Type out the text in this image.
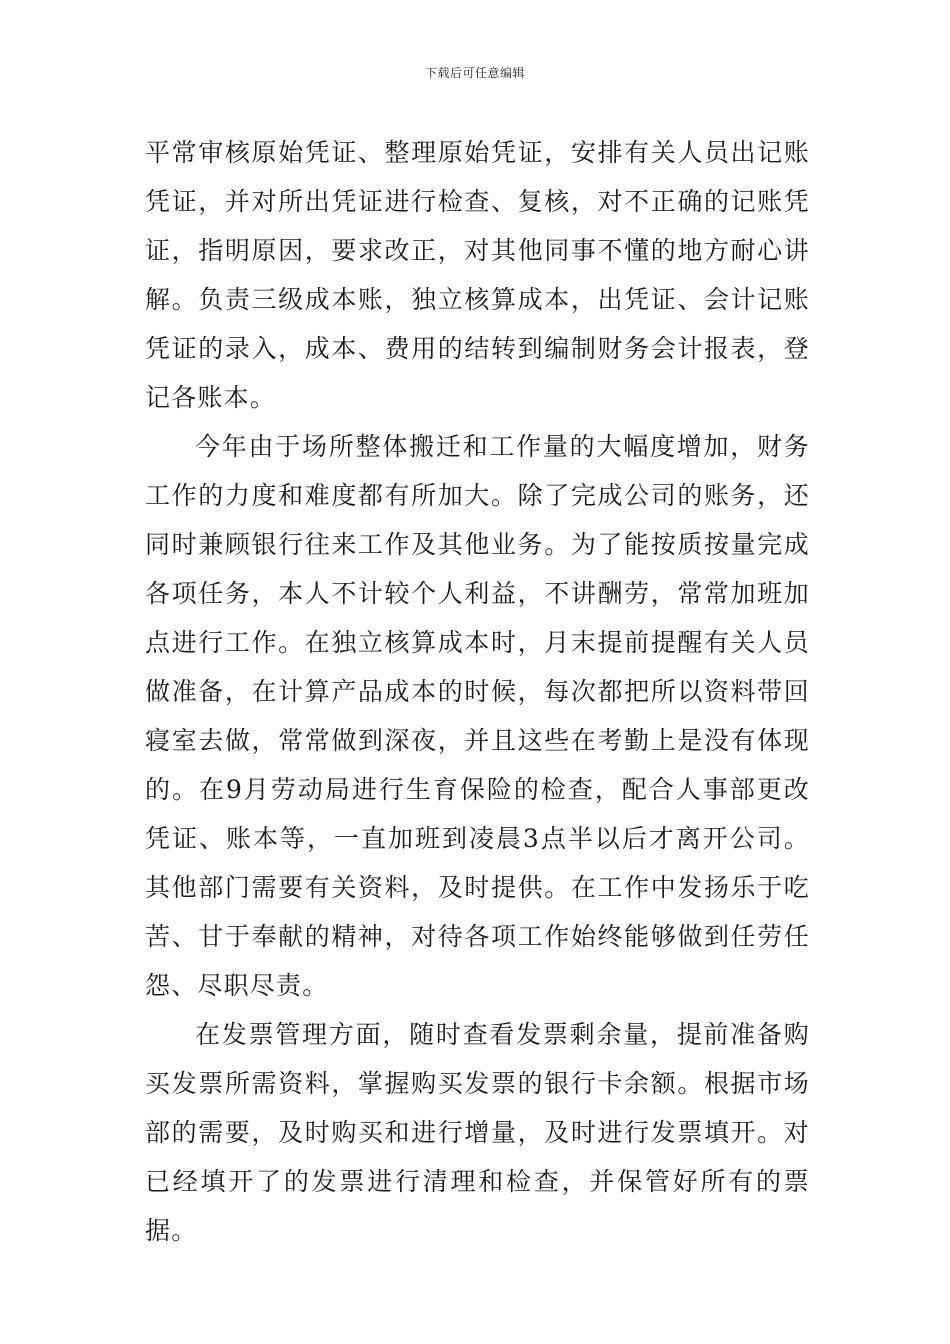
下载后可任意编辑

平常审核原始凭证、整理原始凭证，安排有关人员出记账凭证，并对所出凭证进行检查、复核，对不正确的记账凭证，指明原因，要求改正，对其他同事不懂的地方耐心讲解。负责三级成本账，独立核算成本，出凭证、会计记账凭证的录入，成本、费用的结转到编制财务会计报表，登记各账本。

今年由于场所整体搬迁和工作量的大幅度增加，财务工作的力度和难度都有所加大。除了完成公司的账务，还同时兼顾银行往来工作及其他业务。为了能按质按量完成各项任务，本人不计较个人利益，不讲酬劳，常常加班加点进行工作。在独立核算成本时，月末提前提醒有关人员做准备，在计算产品成本的时候，每次都把所以资料带回寝室去做，常常做到深夜，并且这些在考勤上是没有体现的。在9月劳动局进行生育保险的检查，配合人事部更改凭证、账本等，一直加班到凌晨3点半以后才离开公司。其他部门需要有关资料，及时提供。在工作中发扬乐于吃苦、甘于奉献的精神，对待各项工作始终能够做到任劳任怨、尽职尽责。

在发票管理方面，随时查看发票剩余量，提前准备购买发票所需资料，掌握购买发票的银行卡余额。根据市场部的需要，及时购买和进行增量，及时进行发票填开。对已经填开了的发票进行清理和检查，并保管好所有的票据。
